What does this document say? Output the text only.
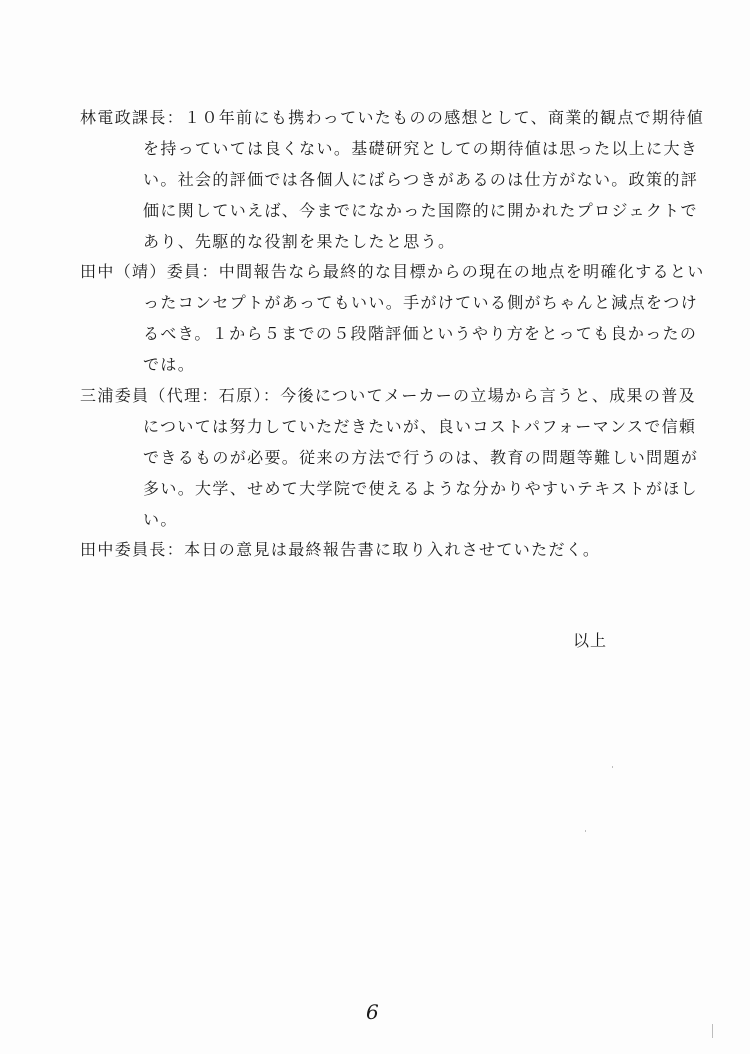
林電政課長：１０年前にも携わっていたものの感想として、商業的観点で期待値
を持っていては良くない。基礎研究としての期待値は思った以上に大き
い。社会的評価では各個人にばらつきがあるのは仕方がない。政策的評
価に関していえば、今までになかった国際的に開かれたプロジェクトで
あり、先駆的な役割を果たしたと思う。
田中（靖）委員：中間報告なら最終的な目標からの現在の地点を明確化するとい
ったコンセプトがあってもいい。手がけている側がちゃんと減点をつけ
るべき。１から５までの５段階評価というやり方をとっても良かったの
では。
三浦委員（代理：石原）：今後についてメーカーの立場から言うと、成果の普及
については努力していただきたいが、良いコストパフォーマンスで信頼
できるものが必要。従来の方法で行うのは、教育の問題等難しい問題が
多い。大学、せめて大学院で使えるような分かりやすいテキストがほし
い。
田中委員長：本日の意見は最終報告書に取り入れさせていただく。
以上
6
